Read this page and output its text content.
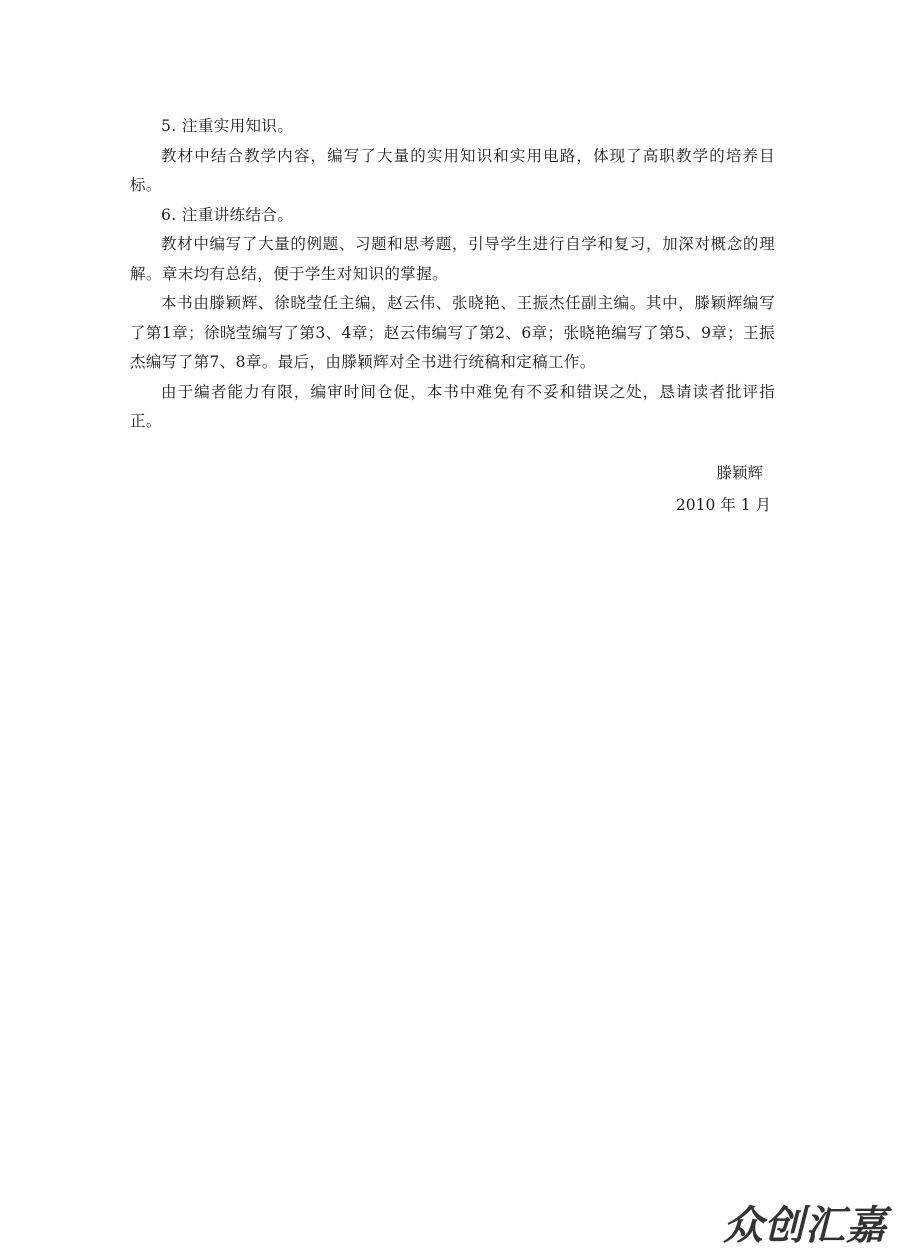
5. 注重实用知识。

教材中结合教学内容，编写了大量的实用知识和实用电路，体现了高职教学的培养目标。

6. 注重讲练结合。

教材中编写了大量的例题、习题和思考题，引导学生进行自学和复习，加深对概念的理解。章末均有总结，便于学生对知识的掌握。

本书由滕颖辉、徐晓莹任主编，赵云伟、张晓艳、王振杰任副主编。其中，滕颖辉编写了第1章；徐晓莹编写了第3、4章；赵云伟编写了第2、6章；张晓艳编写了第5、9章；王振杰编写了第7、8章。最后，由滕颖辉对全书进行统稿和定稿工作。

由于编者能力有限，编审时间仓促，本书中难免有不妥和错误之处，恳请读者批评指正。

滕颖辉
2010 年 1 月
众创汇嘉
